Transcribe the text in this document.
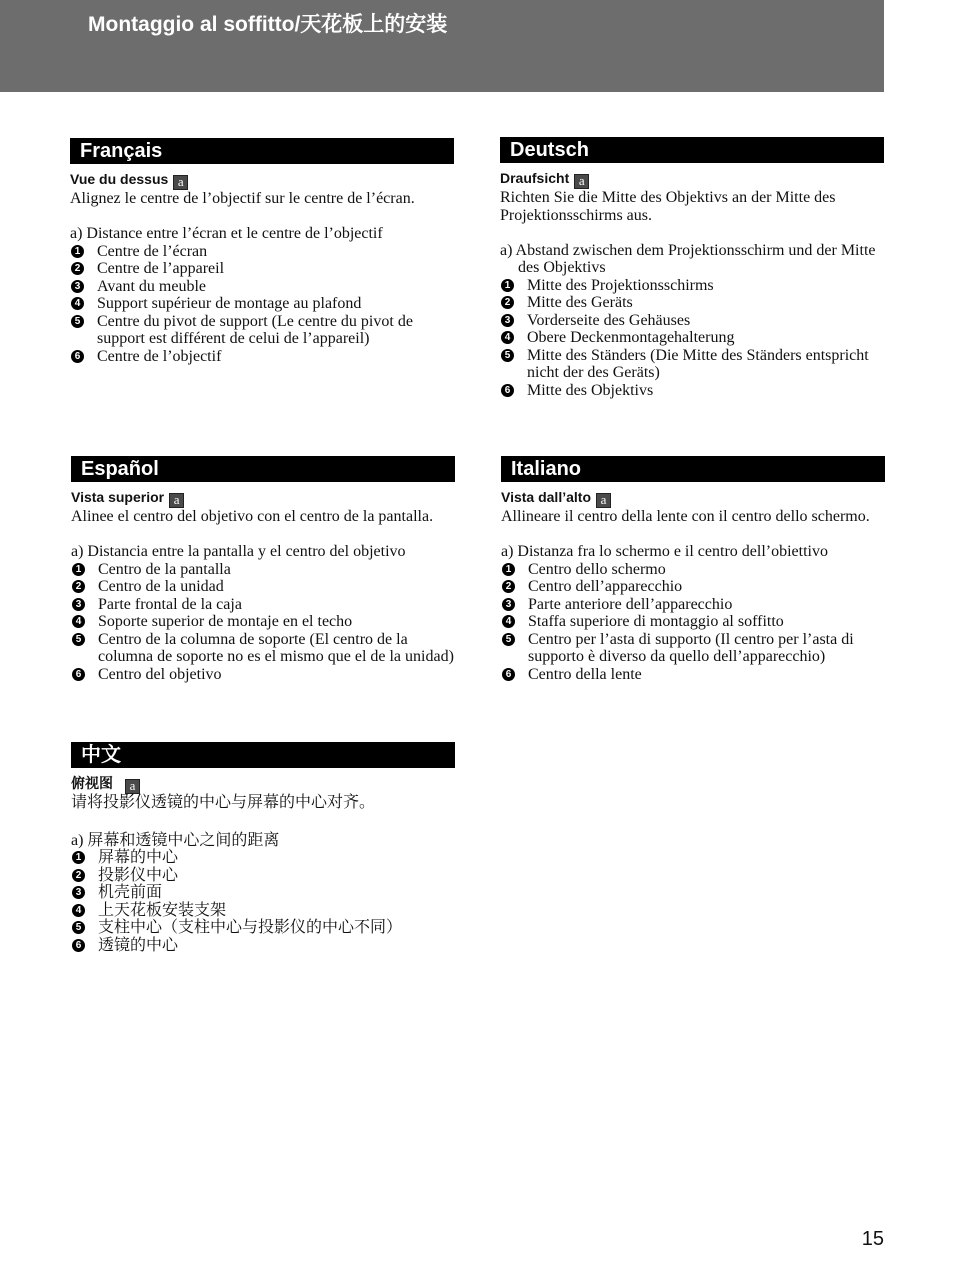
Montaggio al soffitto/天花板上的安装
Français
Vue du dessus a
Alignez le centre de l’objectif sur le centre de l’écran.
a) Distance entre l’écran et le centre de l’objectif
1 Centre de l’écran
2 Centre de l’appareil
3 Avant du meuble
4 Support supérieur de montage au plafond
5 Centre du pivot de support (Le centre du pivot de support est différent de celui de l’appareil)
6 Centre de l’objectif
Deutsch
Draufsicht a
Richten Sie die Mitte des Objektivs an der Mitte des Projektionsschirms aus.
a) Abstand zwischen dem Projektionsschirm und der Mitte des Objektivs
1 Mitte des Projektionsschirms
2 Mitte des Geräts
3 Vorderseite des Gehäuses
4 Obere Deckenmontagehalterung
5 Mitte des Ständers (Die Mitte des Ständers entspricht nicht der des Geräts)
6 Mitte des Objektivs
Español
Vista superior a
Alinee el centro del objetivo con el centro de la pantalla.
a) Distancia entre la pantalla y el centro del objetivo
1 Centro de la pantalla
2 Centro de la unidad
3 Parte frontal de la caja
4 Soporte superior de montaje en el techo
5 Centro de la columna de soporte (El centro de la columna de soporte no es el mismo que el de la unidad)
6 Centro del objetivo
Italiano
Vista dall’alto a
Allineare il centro della lente con il centro dello schermo.
a) Distanza fra lo schermo e il centro dell’obiettivo
1 Centro dello schermo
2 Centro dell’apparecchio
3 Parte anteriore dell’apparecchio
4 Staffa superiore di montaggio al soffitto
5 Centro per l’asta di supporto (Il centro per l’asta di supporto è diverso da quello dell’apparecchio)
6 Centro della lente
中文
俯视图 a
请将投影仪透镜的中心与屏幕的中心对齐。
a) 屏幕和透镜中心之间的距离
1 屏幕的中心
2 投影仪中心
3 机壳前面
4 上天花板安装支架
5 支柱中心（支柱中心与投影仪的中心不同）
6 透镜的中心
15
